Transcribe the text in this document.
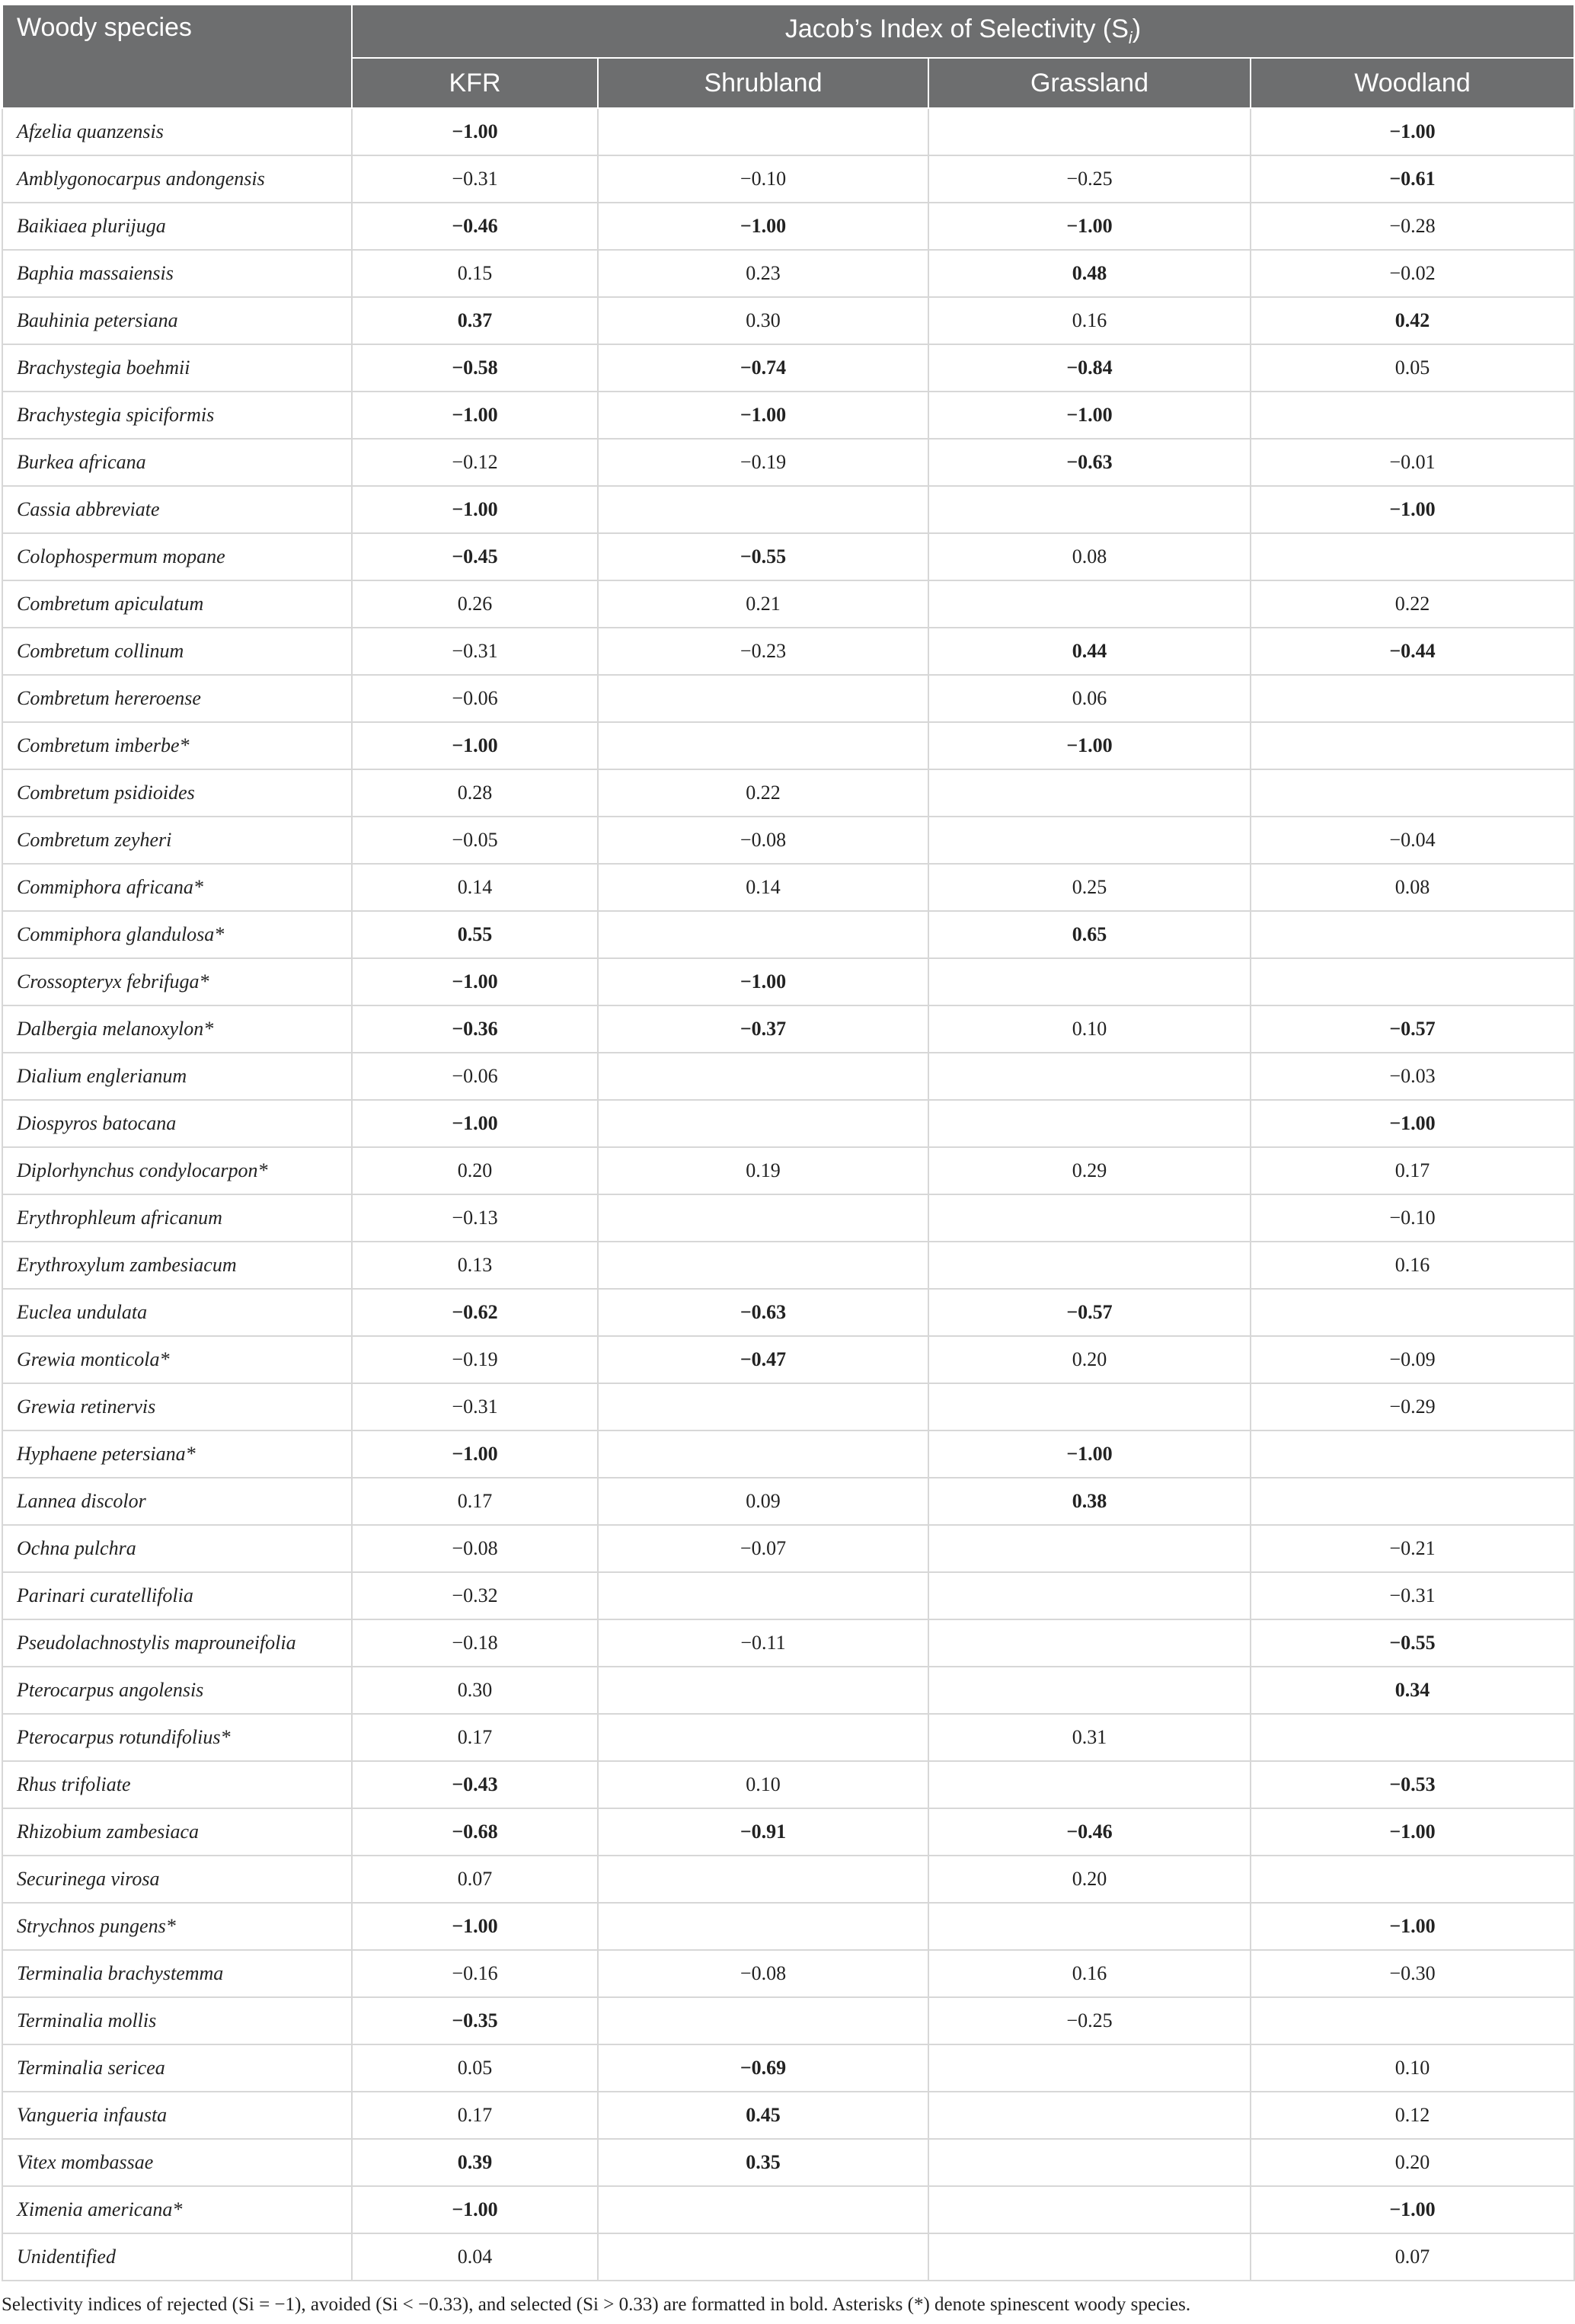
Woody species	Jacob’s Index of Selectivity $(S_i)$			
	KFR	Shrubland	Grassland	Woodland
Afzelia quanzensis	−1.00			−1.00
Amblygonocarpus andongensis	−0.31	−0.10	−0.25	−0.61
Baikiaea plurijuga	−0.46	−1.00	−1.00	−0.28
Baphia massaiensis	0.15	0.23	0.48	−0.02
Bauhinia petersiana	0.37	0.30	0.16	0.42
Brachystegia boehmii	−0.58	−0.74	−0.84	0.05
Brachystegia spiciformis	−1.00	−1.00	−1.00	
Burkea africana	−0.12	−0.19	−0.63	−0.01
Cassia abbreviate	−1.00			−1.00
Colophospermum mopane	−0.45	−0.55	0.08	
Combretum apiculatum	0.26	0.21		0.22
Combretum collinum	−0.31	−0.23	0.44	−0.44
Combretum hereroense	−0.06		0.06	
Combretum imberbe*	−1.00		−1.00	
Combretum psidioides	0.28	0.22		
Combretum zeyheri	−0.05	−0.08		−0.04
Commiphora africana*	0.14	0.14	0.25	0.08
Commiphora glandulosa*	0.55		0.65	
Crossopteryx febrifuga*	−1.00	−1.00		
Dalbergia melanoxylon*	−0.36	−0.37	0.10	−0.57
Dialium englerianum	−0.06			−0.03
Diospyros batocana	−1.00			−1.00
Diplorhynchus condylocarpon*	0.20	0.19	0.29	0.17
Erythrophleum africanum	−0.13			−0.10
Erythroxylum zambesiacum	0.13			0.16
Euclea undulata	−0.62	−0.63	−0.57	
Grewia monticola*	−0.19	−0.47	0.20	−0.09
Grewia retinervis	−0.31			−0.29
Hyphaene petersiana*	−1.00		−1.00	
Lannea discolor	0.17	0.09	0.38	
Ochna pulchra	−0.08	−0.07		−0.21
Parinari curatellifolia	−0.32			−0.31
Pseudolachnostylis maprouneifolia	−0.18	−0.11		−0.55
Pterocarpus angolensis	0.30			0.34
Pterocarpus rotundifolius*	0.17		0.31	
Rhus trifoliate	−0.43	0.10		−0.53
Rhizobium zambesiaca	−0.68	−0.91	−0.46	−1.00
Securinega virosa	0.07		0.20	
Strychnos pungens*	−1.00			−1.00
Terminalia brachystemma	−0.16	−0.08	0.16	−0.30
Terminalia mollis	−0.35		−0.25	
Terminalia sericea	0.05	−0.69		0.10
Vangueria infausta	0.17	0.45		0.12
Vitex mombassae	0.39	0.35		0.20
Ximenia americana*	−1.00			−1.00
Unidentified	0.04			0.07
Selectivity indices of rejected (Si = −1), avoided (Si < −0.33), and selected (Si > 0.33) are formatted in bold. Asterisks (*) denote spinescent woody species.
